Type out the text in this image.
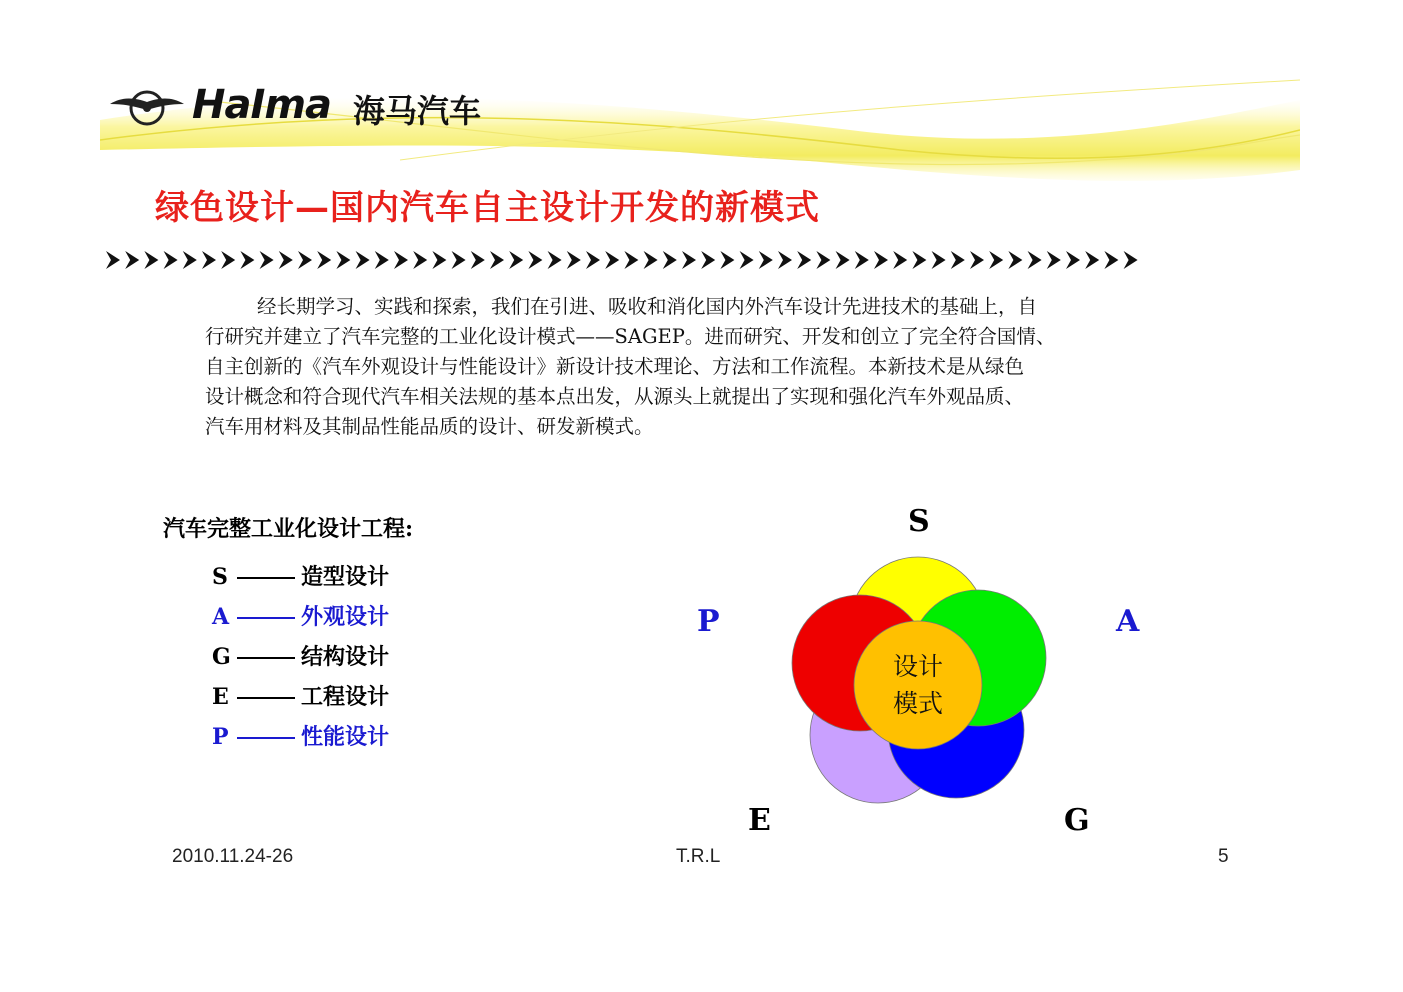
HaIma 海马汽车
绿色设计—国内汽车自主设计开发的新模式
经长期学习、实践和探索，我们在引进、吸收和消化国内外汽车设计先进技术的基础上，自
行研究并建立了汽车完整的工业化设计模式——SAGEP。进而研究、开发和创立了完全符合国情、
自主创新的《汽车外观设计与性能设计》新设计技术理论、方法和工作流程。本新技术是从绿色
设计概念和符合现代汽车相关法规的基本点出发，从源头上就提出了实现和强化汽车外观品质、
汽车用材料及其制品性能品质的设计、研发新模式。
汽车完整工业化设计工程:
S	造型设计
A	外观设计
G	结构设计
E	工程设计
P	性能设计
S
A
P
E	G
设计
模式
2010.11.24-26	T.R.L	5
